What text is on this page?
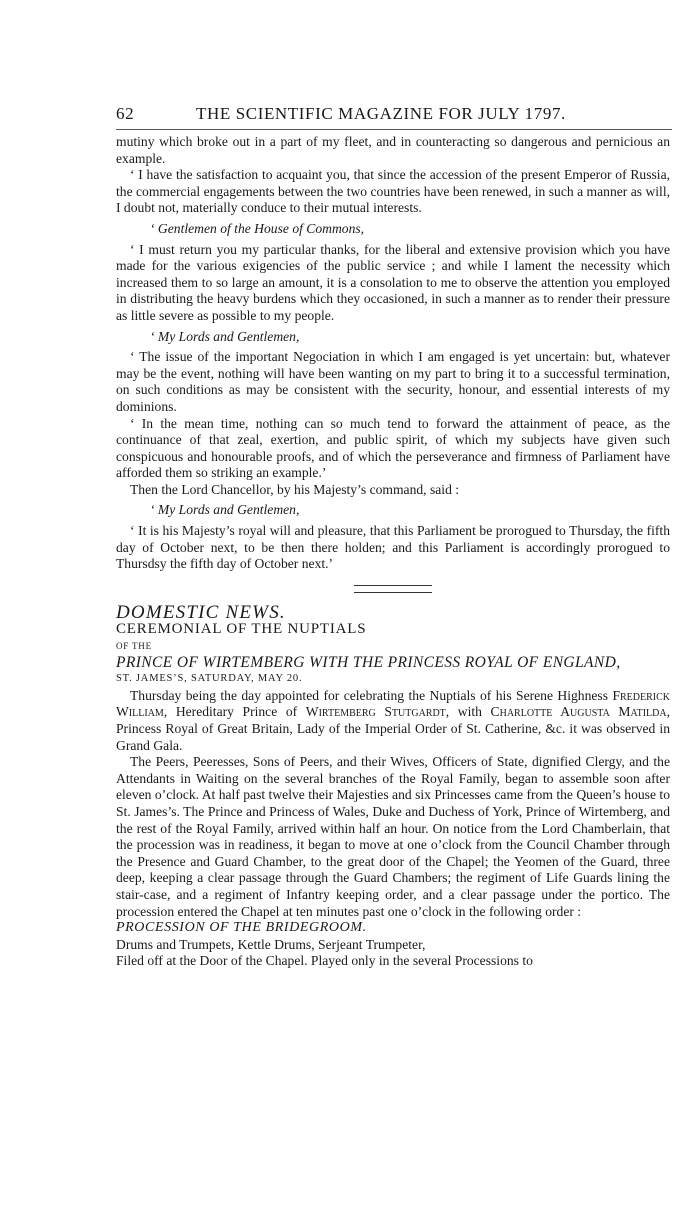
62	THE SCIENTIFIC MAGAZINE FOR JULY 1797.

mutiny which broke out in a part of my fleet, and in counteracting so dangerous and pernicious an example.

‘ I have the satisfaction to acquaint you, that since the accession of the present Emperor of Russia, the commercial engagements between the two countries have been renewed, in such a manner as will, I doubt not, materially conduce to their mutual interests.

‘ Gentlemen of the House of Commons,

‘ I must return you my particular thanks, for the liberal and extensive provision which you have made for the various exigencies of the public service ; and while I lament the necessity which increased them to so large an amount, it is a consolation to me to observe the attention you employed in distributing the heavy burdens which they occasioned, in such a manner as to render their pressure as little severe as possible to my people.

‘ My Lords and Gentlemen,

‘ The issue of the important Negociation in which I am engaged is yet uncertain: but, whatever may be the event, nothing will have been wanting on my part to bring it to a successful termination, on such conditions as may be consistent with the security, honour, and essential interests of my dominions.

‘ In the mean time, nothing can so much tend to forward the attainment of peace, as the continuance of that zeal, exertion, and public spirit, of which my subjects have given such conspicuous and honourable proofs, and of which the perseverance and firmness of Parliament have afforded them so striking an example.’

Then the Lord Chancellor, by his Majesty’s command, said :

‘ My Lords and Gentlemen,

‘ It is his Majesty’s royal will and pleasure, that this Parliament be prorogued to Thursday, the fifth day of October next, to be then there holden; and this Parliament is accordingly prorogued to Thursdsy the fifth day of October next.’

DOMESTIC NEWS.

CEREMONIAL OF THE NUPTIALS

OF THE

PRINCE OF WIRTEMBERG WITH THE PRINCESS ROYAL OF ENGLAND,

ST. JAMES’S, SATURDAY, MAY 20.

Thursday being the day appointed for celebrating the Nuptials of his Serene Highness Frederick William, Hereditary Prince of Wirtemberg Stutgardt, with Charlotte Augusta Matilda, Princess Royal of Great Britain, Lady of the Imperial Order of St. Catherine, &c. it was observed in Grand Gala.

The Peers, Peeresses, Sons of Peers, and their Wives, Officers of State, dignified Clergy, and the Attendants in Waiting on the several branches of the Royal Family, began to assemble soon after eleven o’clock. At half past twelve their Majesties and six Princesses came from the Queen’s house to St. James’s. The Prince and Princess of Wales, Duke and Duchess of York, Prince of Wirtemberg, and the rest of the Royal Family, arrived within half an hour. On notice from the Lord Chamberlain, that the procession was in readiness, it began to move at one o’clock from the Council Chamber through the Presence and Guard Chamber, to the great door of the Chapel; the Yeomen of the Guard, three deep, keeping a clear passage through the Guard Chambers; the regiment of Life Guards lining the stair-case, and a regiment of Infantry keeping order, and a clear passage under the portico. The procession entered the Chapel at ten minutes past one o’clock in the following order :

PROCESSION OF THE BRIDEGROOM.

Drums and Trumpets, Kettle Drums, Serjeant Trumpeter,

Filed off at the Door of the Chapel. Played only in the several Processions to
